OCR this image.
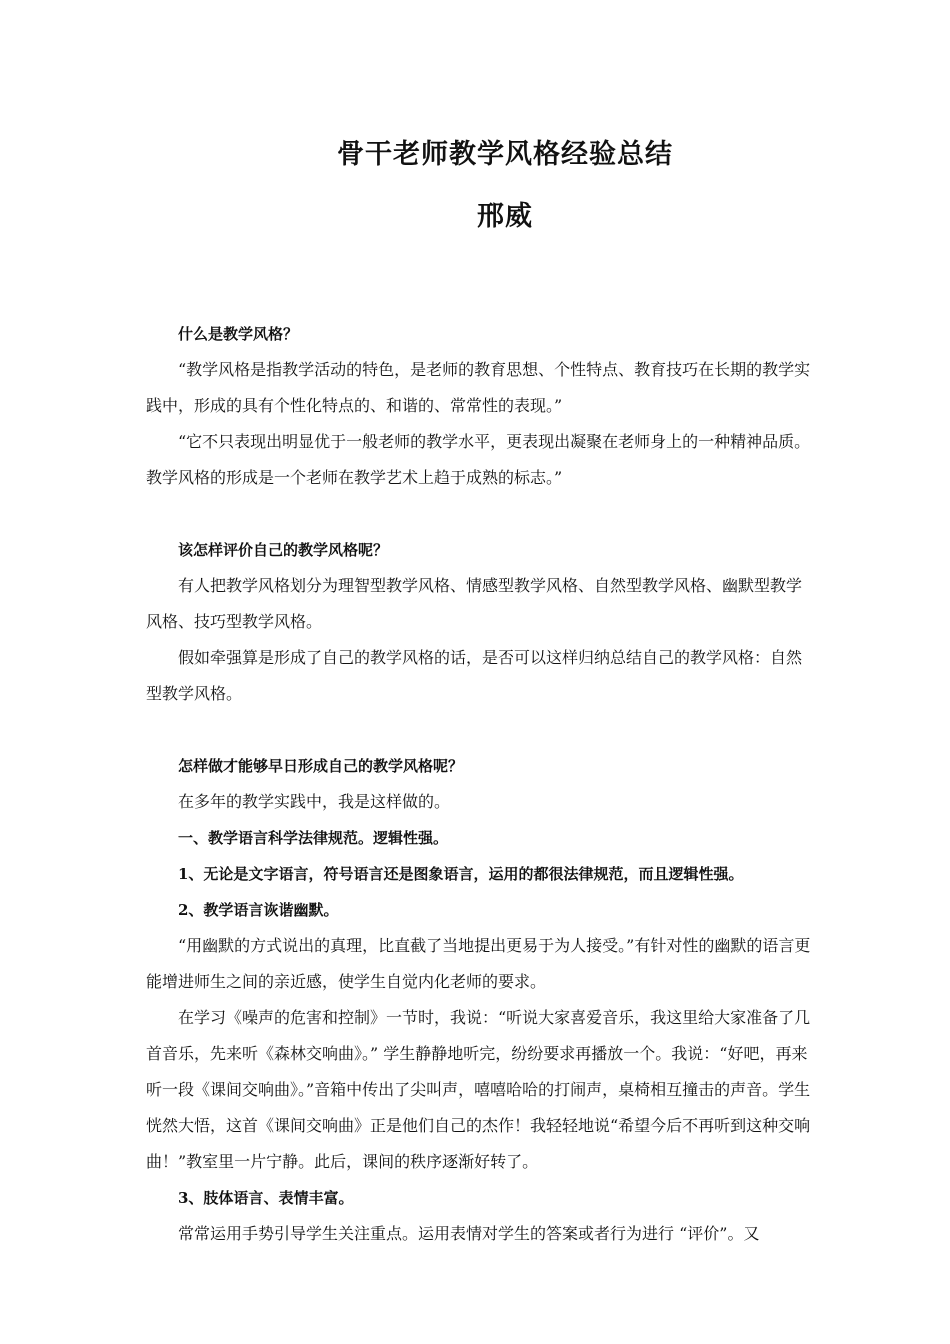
骨干老师教学风格经验总结
邢威

什么是教学风格？

“教学风格是指教学活动的特色，是老师的教育思想、个性特点、教育技巧在长期的教学实践中，形成的具有个性化特点的、和谐的、常常性的表现。”

“它不只表现出明显优于一般老师的教学水平，更表现出凝聚在老师身上的一种精神品质。教学风格的形成是一个老师在教学艺术上趋于成熟的标志。”

该怎样评价自己的教学风格呢？

有人把教学风格划分为理智型教学风格、情感型教学风格、自然型教学风格、幽默型教学风格、技巧型教学风格。

假如牵强算是形成了自己的教学风格的话，是否可以这样归纳总结自己的教学风格：自然型教学风格。

怎样做才能够早日形成自己的教学风格呢？

在多年的教学实践中，我是这样做的。

一、教学语言科学法律规范。逻辑性强。

1、无论是文字语言，符号语言还是图象语言，运用的都很法律规范，而且逻辑性强。

2、教学语言诙谐幽默。

“用幽默的方式说出的真理，比直截了当地提出更易于为人接受。”有针对性的幽默的语言更能增进师生之间的亲近感，使学生自觉内化老师的要求。

在学习《噪声的危害和控制》一节时，我说：“听说大家喜爱音乐，我这里给大家准备了几首音乐，先来听《森林交响曲》。” 学生静静地听完，纷纷要求再播放一个。我说：“好吧，再来听一段《课间交响曲》。”音箱中传出了尖叫声，嘻嘻哈哈的打闹声，桌椅相互撞击的声音。学生恍然大悟，这首《课间交响曲》正是他们自己的杰作！我轻轻地说“希望今后不再听到这种交响曲！”教室里一片宁静。此后，课间的秩序逐渐好转了。

3、肢体语言、表情丰富。

常常运用手势引导学生关注重点。运用表情对学生的答案或者行为进行 “评价”。又
